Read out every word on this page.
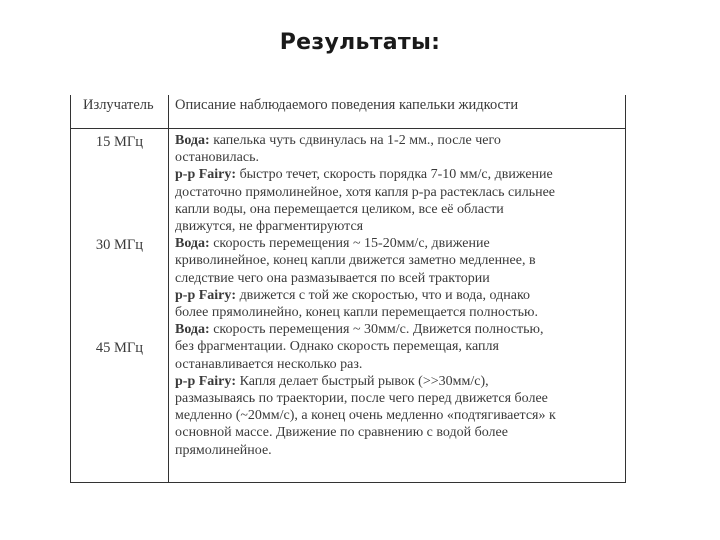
Результаты:
Излучатель Описание наблюдаемого поведения капельки жидкости
15 МГц
30 МГц
45 МГц
Вода: капелька чуть сдвинулась на 1-2 мм., после чего
остановилась.
р-р Fairy: быстро течет, скорость порядка 7-10 мм/с, движение
достаточно прямолинейное, хотя капля р-ра растеклась сильнее
капли воды, она перемещается целиком, все её области
движутся, не фрагментируются
Вода: скорость перемещения ~ 15-20мм/с, движение
криволинейное, конец капли движется заметно медленнее, в
следствие чего она размазывается по всей трактории
р-р Fairy: движется с той же скоростью, что и вода, однако
более прямолинейно, конец капли перемещается полностью.
Вода: скорость перемещения ~ 30мм/с. Движется полностью,
без фрагментации. Однако скорость перемещая, капля
останавливается несколько раз.
р-р Fairy: Капля делает быстрый рывок (>>30мм/с),
размазываясь по траектории, после чего перед движется более
медленно (~20мм/с), а конец очень медленно «подтягивается» к
основной массе. Движение по сравнению с водой более
прямолинейное.
